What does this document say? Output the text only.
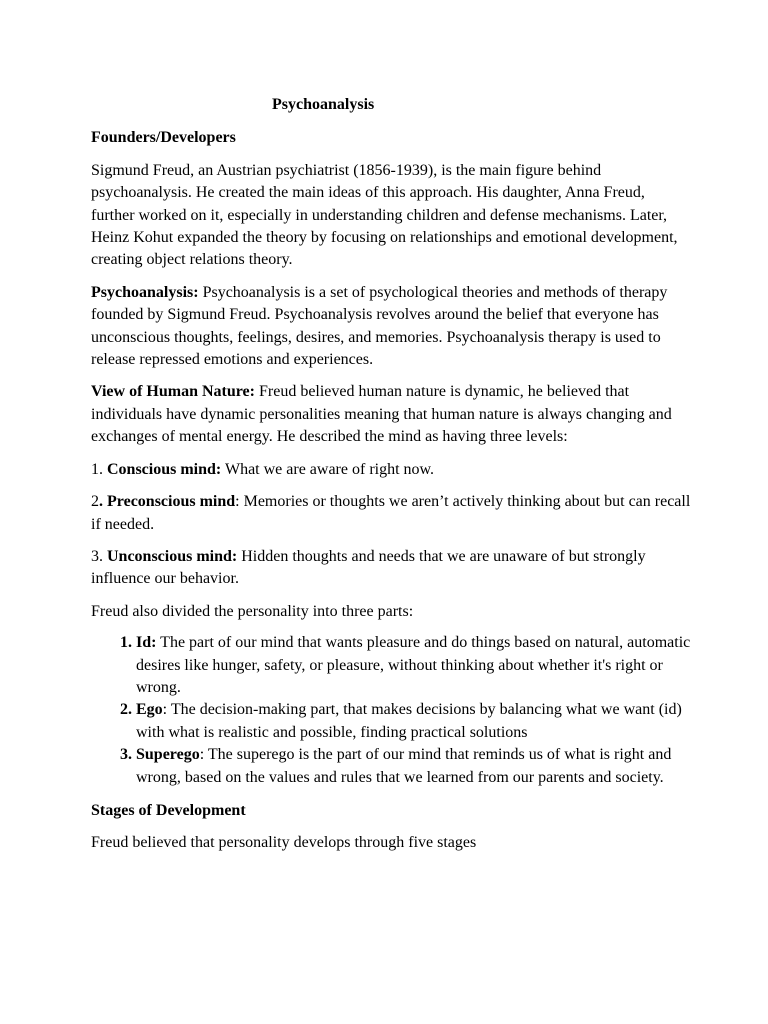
Psychoanalysis

Founders/Developers

Sigmund Freud, an Austrian psychiatrist (1856-1939), is the main figure behind psychoanalysis. He created the main ideas of this approach. His daughter, Anna Freud, further worked on it, especially in understanding children and defense mechanisms. Later, Heinz Kohut expanded the theory by focusing on relationships and emotional development, creating object relations theory.

Psychoanalysis: Psychoanalysis is a set of psychological theories and methods of therapy founded by Sigmund Freud. Psychoanalysis revolves around the belief that everyone has unconscious thoughts, feelings, desires, and memories. Psychoanalysis therapy is used to release repressed emotions and experiences.

View of Human Nature: Freud believed human nature is dynamic, he believed that individuals have dynamic personalities meaning that human nature is always changing and exchanges of mental energy. He described the mind as having three levels:

1. Conscious mind: What we are aware of right now.

2. Preconscious mind: Memories or thoughts we aren’t actively thinking about but can recall if needed.

3. Unconscious mind: Hidden thoughts and needs that we are unaware of but strongly influence our behavior.

Freud also divided the personality into three parts:

1. Id: The part of our mind that wants pleasure and do things based on natural, automatic desires like hunger, safety, or pleasure, without thinking about whether it's right or wrong.
2. Ego: The decision-making part, that makes decisions by balancing what we want (id) with what is realistic and possible, finding practical solutions
3. Superego: The superego is the part of our mind that reminds us of what is right and wrong, based on the values and rules that we learned from our parents and society.

Stages of Development

Freud believed that personality develops through five stages
